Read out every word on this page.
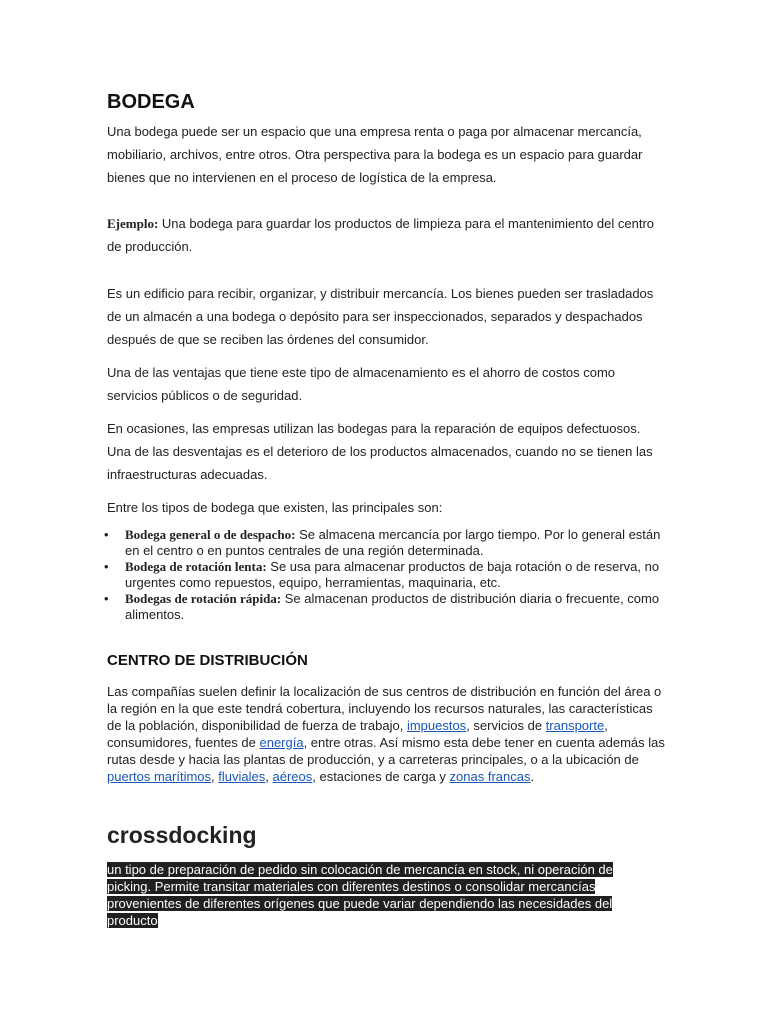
BODEGA

Una bodega puede ser un espacio que una empresa renta o paga por almacenar mercancía, mobiliario, archivos, entre otros. Otra perspectiva para la bodega es un espacio para guardar bienes que no intervienen en el proceso de logística de la empresa.

Ejemplo: Una bodega para guardar los productos de limpieza para el mantenimiento del centro de producción.

Es un edificio para recibir, organizar, y distribuir mercancía. Los bienes pueden ser trasladados de un almacén a una bodega o depósito para ser inspeccionados, separados y despachados después de que se reciben las órdenes del consumidor.

Una de las ventajas que tiene este tipo de almacenamiento es el ahorro de costos como servicios públicos o de seguridad.

En ocasiones, las empresas utilizan las bodegas para la reparación de equipos defectuosos. Una de las desventajas es el deterioro de los productos almacenados, cuando no se tienen las infraestructuras adecuadas.

Entre los tipos de bodega que existen, las principales son:

• Bodega general o de despacho: Se almacena mercancía por largo tiempo. Por lo general están en el centro o en puntos centrales de una región determinada.
• Bodega de rotación lenta: Se usa para almacenar productos de baja rotación o de reserva, no urgentes como repuestos, equipo, herramientas, maquinaria, etc.
• Bodegas de rotación rápida: Se almacenan productos de distribución diaria o frecuente, como alimentos.
CENTRO DE DISTRIBUCIÓN

Las compañías suelen definir la localización de sus centros de distribución en función del área o la región en la que este tendrá cobertura, incluyendo los recursos naturales, las características de la población, disponibilidad de fuerza de trabajo, impuestos, servicios de transporte, consumidores, fuentes de energía, entre otras. Así mismo esta debe tener en cuenta además las rutas desde y hacia las plantas de producción, y a carreteras principales, o a la ubicación de puertos marítimos, fluviales, aéreos, estaciones de carga y zonas francas.

crossdocking

un tipo de preparación de pedido sin colocación de mercancía en stock, ni operación de picking. Permite transitar materiales con diferentes destinos o consolidar mercancías provenientes de diferentes orígenes que puede variar dependiendo las necesidades del producto
